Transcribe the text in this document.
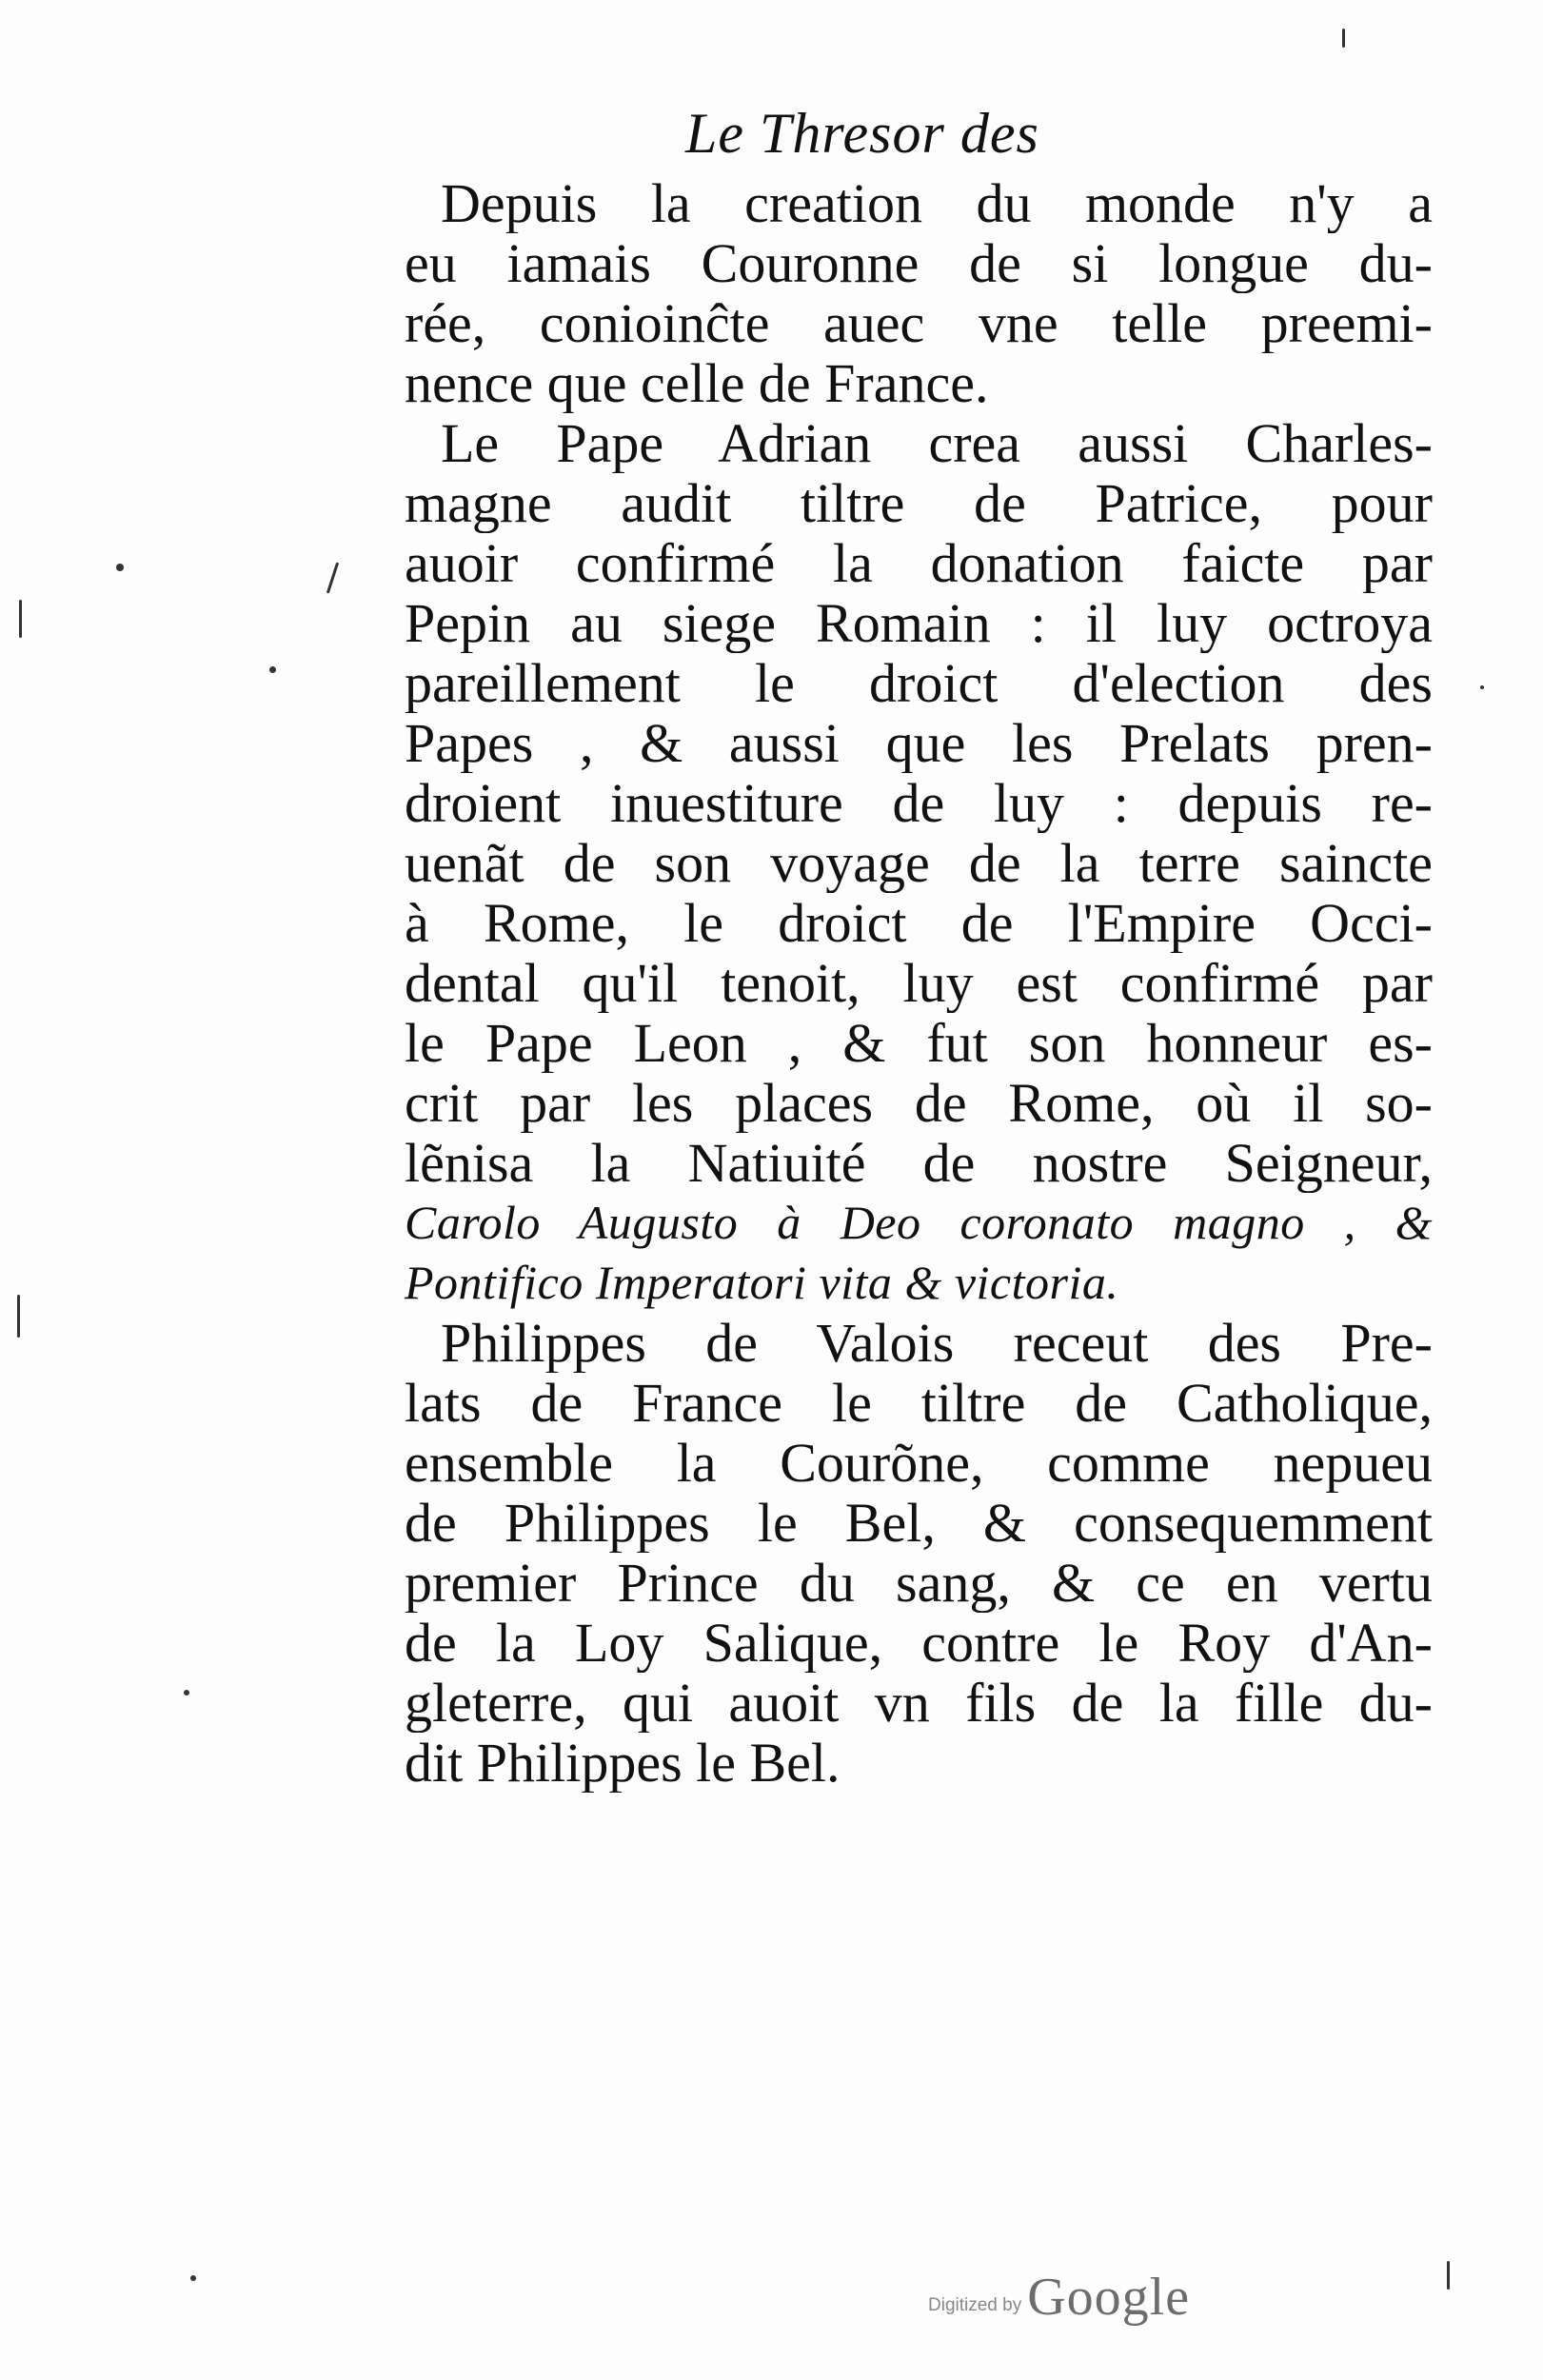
Le Thresor des
Depuis la creation du monde n'y a
eu iamais Couronne de si longue du-
rée, conioinĉte auec vne telle preemi-
nence que celle de France.
Le Pape Adrian crea aussi Charles-
magne audit tiltre de Patrice, pour
auoir confirmé la donation faicte par
Pepin au siege Romain : il luy octroya
pareillement le droict d'election des
Papes , & aussi que les Prelats pren-
droient inuestiture de luy : depuis re-
uenãt de son voyage de la terre saincte
à Rome, le droict de l'Empire Occi-
dental qu'il tenoit, luy est confirmé par
le Pape Leon , & fut son honneur es-
crit par les places de Rome, où il so-
lẽnisa la Natiuité de nostre Seigneur,
Carolo Augusto à Deo coronato magno , &
Pontifico Imperatori vita & victoria.
Philippes de Valois receut des Pre-
lats de France le tiltre de Catholique,
ensemble la Courõne, comme nepueu
de Philippes le Bel, & consequemment
premier Prince du sang, & ce en vertu
de la Loy Salique, contre le Roy d'An-
gleterre, qui auoit vn fils de la fille du-
dit Philippes le Bel.
Digitized by Google
